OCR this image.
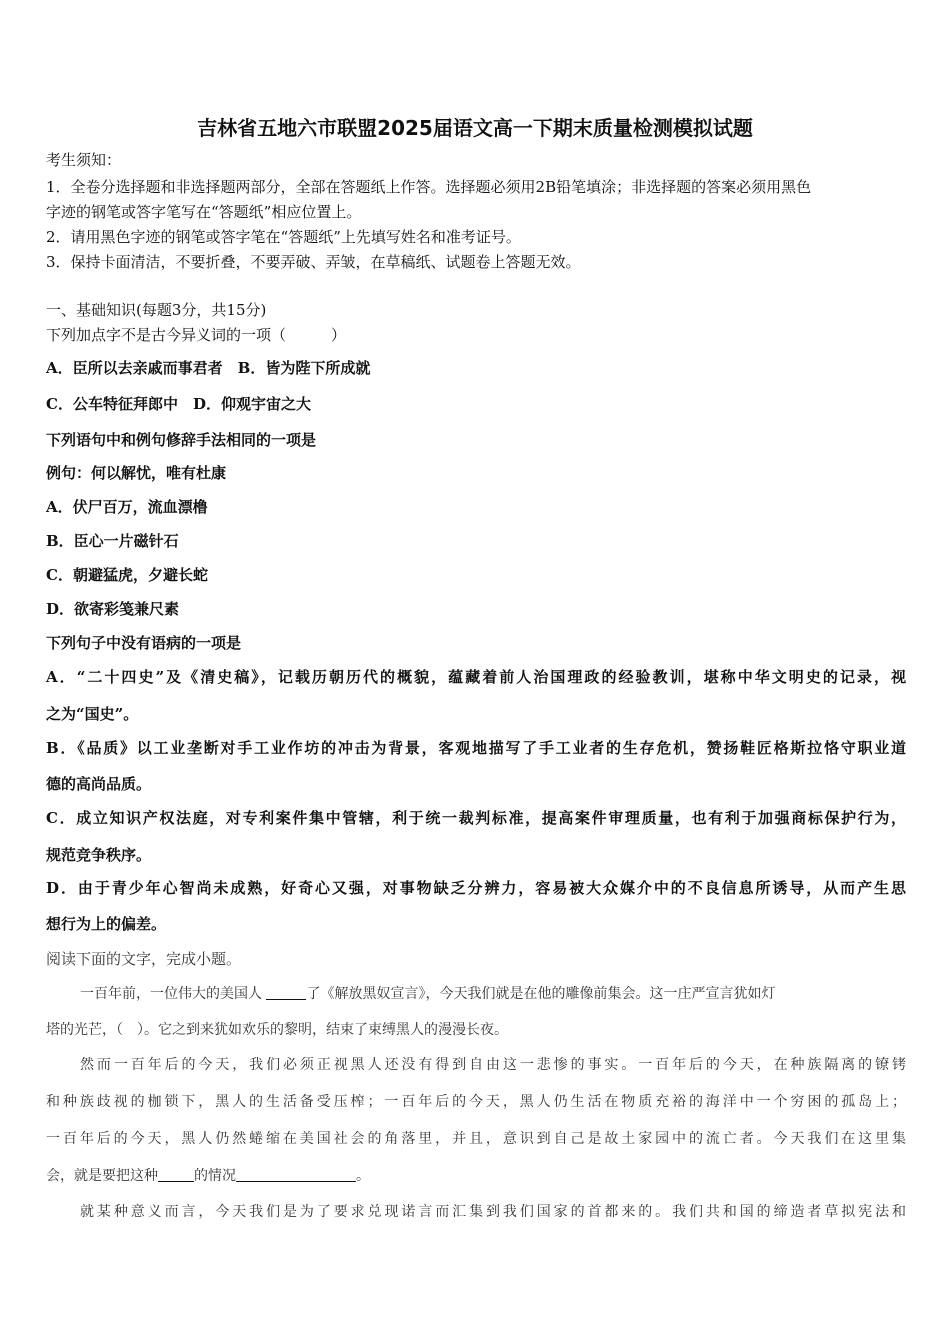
吉林省五地六市联盟2025届语文高一下期末质量检测模拟试题
考生须知：
1．全卷分选择题和非选择题两部分，全部在答题纸上作答。选择题必须用2B铅笔填涂；非选择题的答案必须用黑色
字迹的钢笔或答字笔写在“答题纸”相应位置上。
2．请用黑色字迹的钢笔或答字笔在“答题纸”上先填写姓名和准考证号。
3．保持卡面清洁，不要折叠，不要弄破、弄皱，在草稿纸、试题卷上答题无效。
一、基础知识(每题3分，共15分)
下列加点字不是古今异义词的一项（　　　）
A．臣所以去亲戚而事君者　B．皆为陛下所成就
C．公车特征拜郎中　D．仰观宇宙之大
下列语句中和例句修辞手法相同的一项是
例句：何以解忧，唯有杜康
A．伏尸百万，流血漂橹
B．臣心一片磁针石
C．朝避猛虎，夕避长蛇
D．欲寄彩笺兼尺素
下列句子中没有语病的一项是
A．“二十四史”及《清史稿》，记载历朝历代的概貌，蕴藏着前人治国理政的经验教训，堪称中华文明史的记录，视
之为“国史”。
B．《品质》以工业垄断对手工业作坊的冲击为背景，客观地描写了手工业者的生存危机，赞扬鞋匠格斯拉恪守职业道
德的高尚品质。
C．成立知识产权法庭，对专利案件集中管辖，利于统一裁判标准，提高案件审理质量，也有利于加强商标保护行为，
规范竞争秩序。
D．由于青少年心智尚未成熟，好奇心又强，对事物缺乏分辨力，容易被大众媒介中的不良信息所诱导，从而产生思
想行为上的偏差。
阅读下面的文字，完成小题。
一百年前，一位伟大的美国人	了《解放黑奴宣言》，今天我们就是在他的雕像前集会。这一庄严宣言犹如灯
塔的光芒，（　）。它之到来犹如欢乐的黎明，结束了束缚黑人的漫漫长夜。
然而一百年后的今天，我们必须正视黑人还没有得到自由这一悲惨的事实。一百年后的今天，在种族隔离的镣铐
和种族歧视的枷锁下，黑人的生活备受压榨；一百年后的今天，黑人仍生活在物质充裕的海洋中一个穷困的孤岛上；
一百年后的今天，黑人仍然蜷缩在美国社会的角落里，并且，意识到自己是故土家园中的流亡者。今天我们在这里集
会，就是要把这种	的情况	。
就某种意义而言，今天我们是为了要求兑现诺言而汇集到我们国家的首都来的。我们共和国的缔造者草拟宪法和
